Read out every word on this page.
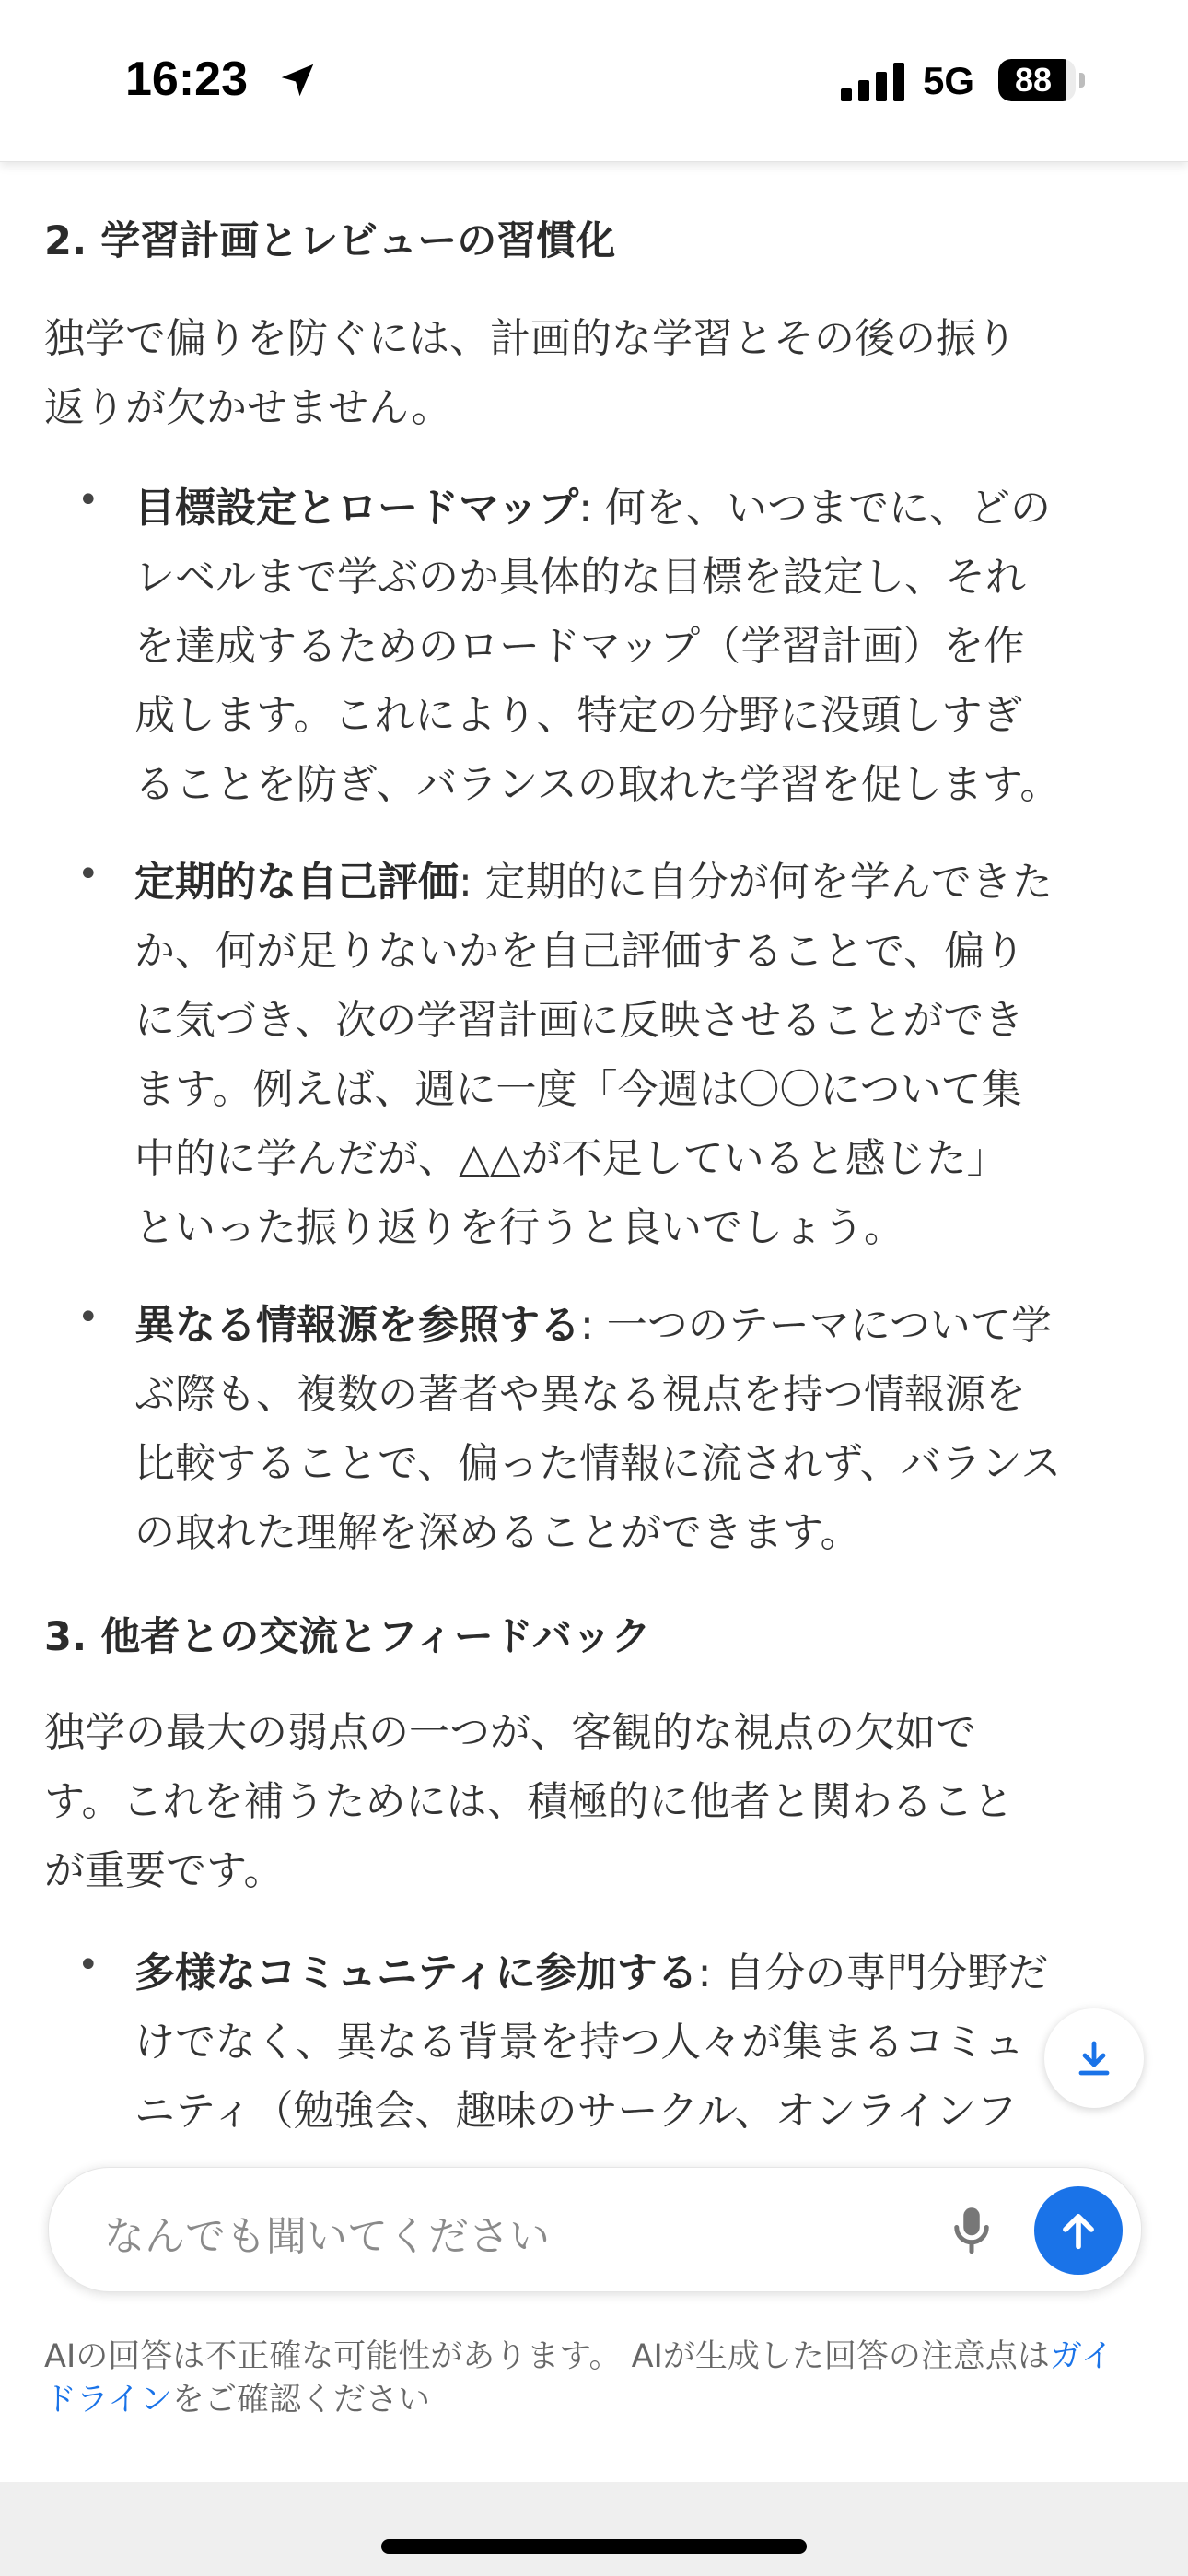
16:23	5G	88
2. 学習計画とレビューの習慣化
独学で偏りを防ぐには、計画的な学習とその後の振り
返りが欠かせません。
• 目標設定とロードマップ: 何を、いつまでに、どの
レベルまで学ぶのか具体的な目標を設定し、それ
を達成するためのロードマップ（学習計画）を作
成します。これにより、特定の分野に没頭しすぎ
ることを防ぎ、バランスの取れた学習を促します。
• 定期的な自己評価: 定期的に自分が何を学んできた
か、何が足りないかを自己評価することで、偏り
に気づき、次の学習計画に反映させることができ
ます。例えば、週に一度「今週は〇〇について集
中的に学んだが、△△が不足していると感じた」
といった振り返りを行うと良いでしょう。
• 異なる情報源を参照する: 一つのテーマについて学
ぶ際も、複数の著者や異なる視点を持つ情報源を
比較することで、偏った情報に流されず、バランス
の取れた理解を深めることができます。
3. 他者との交流とフィードバック
独学の最大の弱点の一つが、客観的な視点の欠如で
す。これを補うためには、積極的に他者と関わること
が重要です。
• 多様なコミュニティに参加する: 自分の専門分野だ
けでなく、異なる背景を持つ人々が集まるコミュ
ニティ（勉強会、趣味のサークル、オンラインフ
なんでも聞いてください
AIの回答は不正確な可能性があります。 AIが生成した回答の注意点はガイ
ドラインをご確認ください
